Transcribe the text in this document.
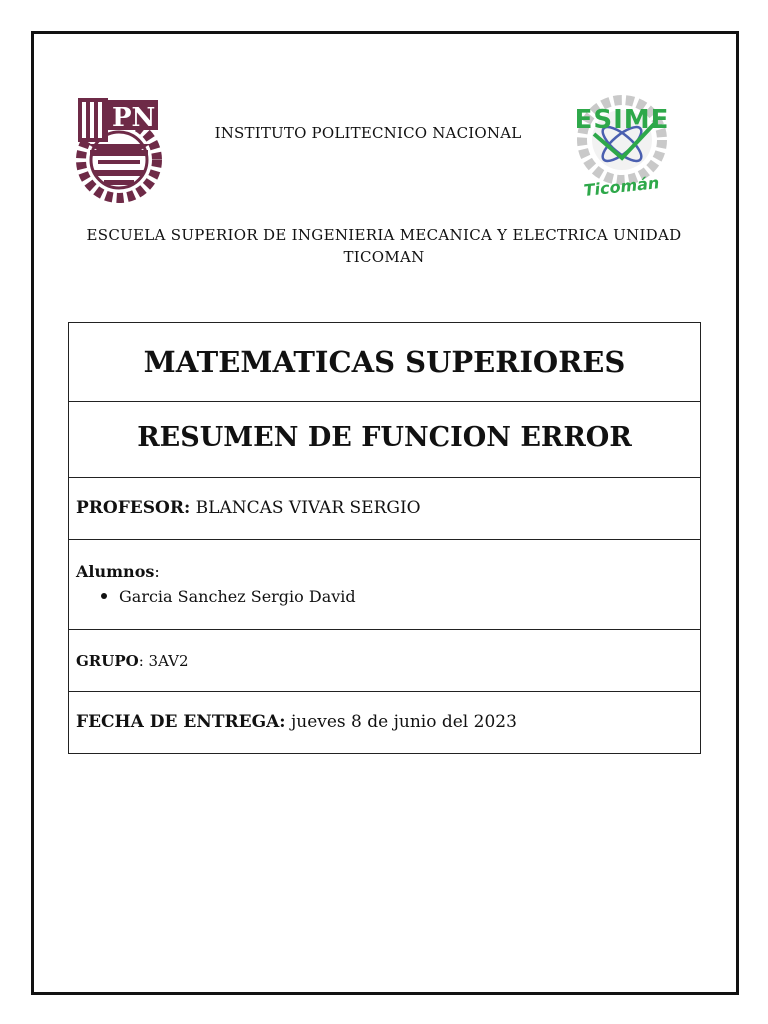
PN	ESIME
Ticomán
INSTITUTO POLITECNICO NACIONAL
ESCUELA SUPERIOR DE INGENIERIA MECANICA Y ELECTRICA UNIDAD TICOMAN
MATEMATICAS SUPERIORES
RESUMEN DE FUNCION ERROR
PROFESOR: BLANCAS VIVAR SERGIO
Alumnos:
Garcia Sanchez Sergio David
GRUPO: 3AV2
FECHA DE ENTREGA: jueves 8 de junio del 2023
